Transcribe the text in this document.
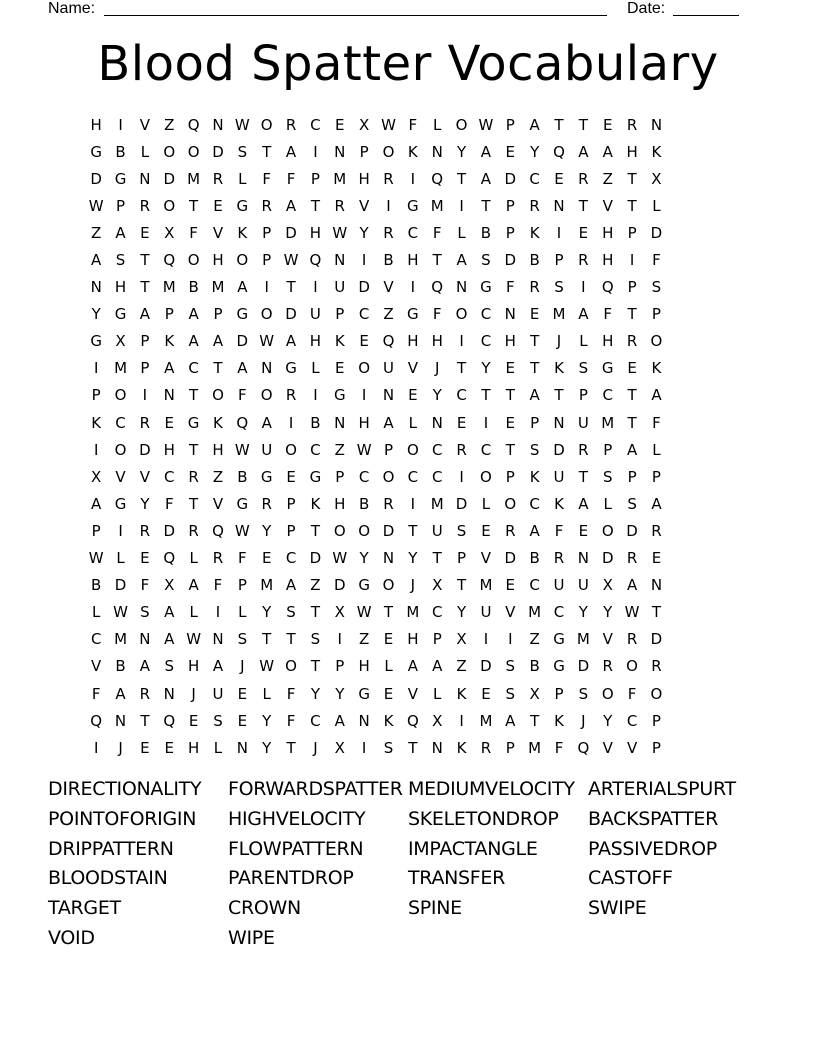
Name:	Date:
Blood Spatter Vocabulary
H	I	V Z Q N W O R C E X W F	L O W P A T	T	E R N
G B	L O O D S	T A	I	N P O K N Y A E	Y Q A A H K
D G N D M R L	F	F	P M H R	I	Q T A D C E R Z T X
W P R O T	E G R A T R V	I	G M	I	T	P R N T V T	L
Z A E X F V K P D H W Y R C F	L	B P K	I	E H P D
A S	T Q O H O P W Q N	I	B H T A S D B P R H	I	F
N H T M B M A	I	T	I	U D V	I	Q N G F R S	I	Q P	S
Y G A P A P G O D U P C Z G F O C N E M A F	T	P
G X P K A A D W A H K E Q H H	I	C H T	J	L H R O
I	M P A C T A N G L	E O U V	J	T	Y	E	T K S G E K
P O	I	N T O F O R	I	G	I	N E	Y C T	T A T	P C T A
K C R E G K Q A	I	B N H A	L N E	I	E	P N U M T	F
I	O D H T H W U O C Z W P O C R C T	S D R P A	L
X V V C R Z B G E G P C O C C	I	O P K U T	S	P	P
A G Y	F	T V G R P K H B R	I	M D L O C K A	L	S A
P	I	R D R Q W Y	P	T O O D T U S E R A F	E O D R
W L	E Q L R F	E C D W Y N Y	T	P V D B R N D R E
B D F X A F	P M A Z D G O	J	X T M E C U U X A N
L W S A	L	I	L	Y	S	T X W T M C Y U V M C Y	Y W T
C M N A W N S	T	T	S	I	Z E H P X	I	I	Z G M V R D
V B A S H A	J W O T	P H L	A A Z D S B G D R O R
F A R N	J	U E	L	F	Y	Y G E V	L	K E S X P	S O F O
Q N T Q E S E	Y	F C A N K Q X	I	M A T K	J	Y C P
I	J	E E H L N Y	T	J	X	I	S	T N K R P M F Q V V P
DIRECTIONALITY	FORWARDSPATTER MEDIUMVELOCITY ARTERIALSPURT
POINTOFORIGIN	HIGHVELOCITY	SKELETONDROP	BACKSPATTER
DRIPPATTERN	FLOWPATTERN	IMPACTANGLE	PASSIVEDROP
BLOODSTAIN	PARENTDROP	TRANSFER	CASTOFF
TARGET	CROWN	SPINE	SWIPE
VOID	WIPE
